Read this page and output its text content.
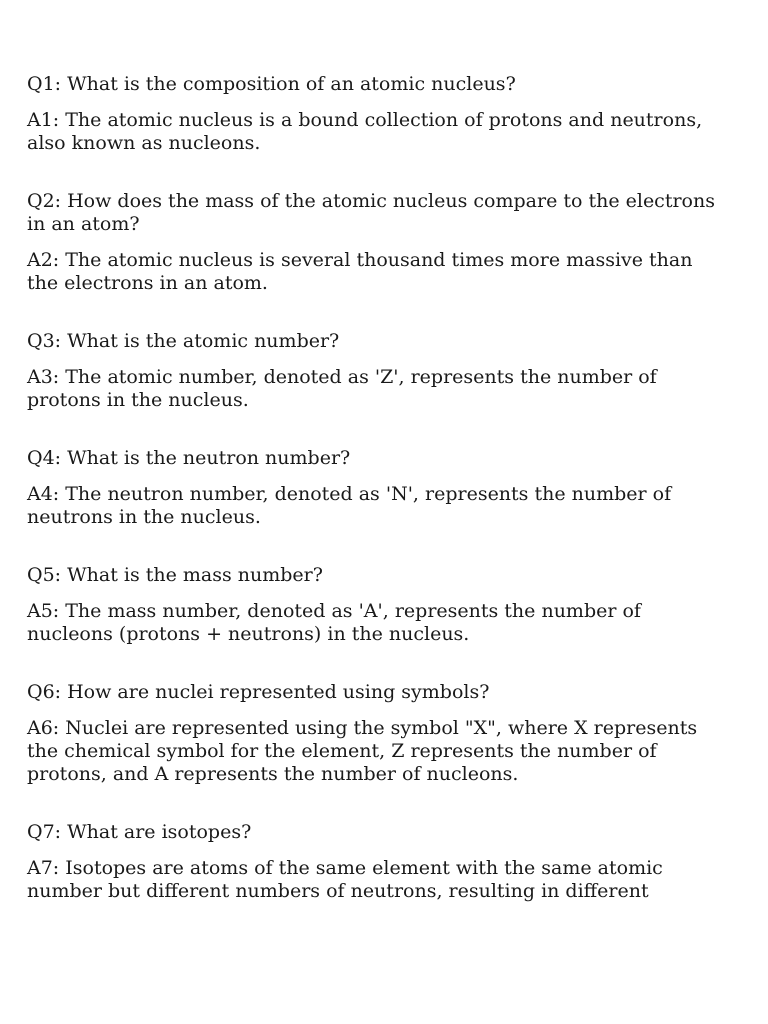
Q1: What is the composition of an atomic nucleus?

A1: The atomic nucleus is a bound collection of protons and neutrons, also known as nucleons.

Q2: How does the mass of the atomic nucleus compare to the electrons in an atom?

A2: The atomic nucleus is several thousand times more massive than the electrons in an atom.

Q3: What is the atomic number?

A3: The atomic number, denoted as 'Z', represents the number of protons in the nucleus.

Q4: What is the neutron number?

A4: The neutron number, denoted as 'N', represents the number of neutrons in the nucleus.

Q5: What is the mass number?

A5: The mass number, denoted as 'A', represents the number of nucleons (protons + neutrons) in the nucleus.

Q6: How are nuclei represented using symbols?

A6: Nuclei are represented using the symbol "X", where X represents the chemical symbol for the element, Z represents the number of protons, and A represents the number of nucleons.

Q7: What are isotopes?

A7: Isotopes are atoms of the same element with the same atomic number but different numbers of neutrons, resulting in different
